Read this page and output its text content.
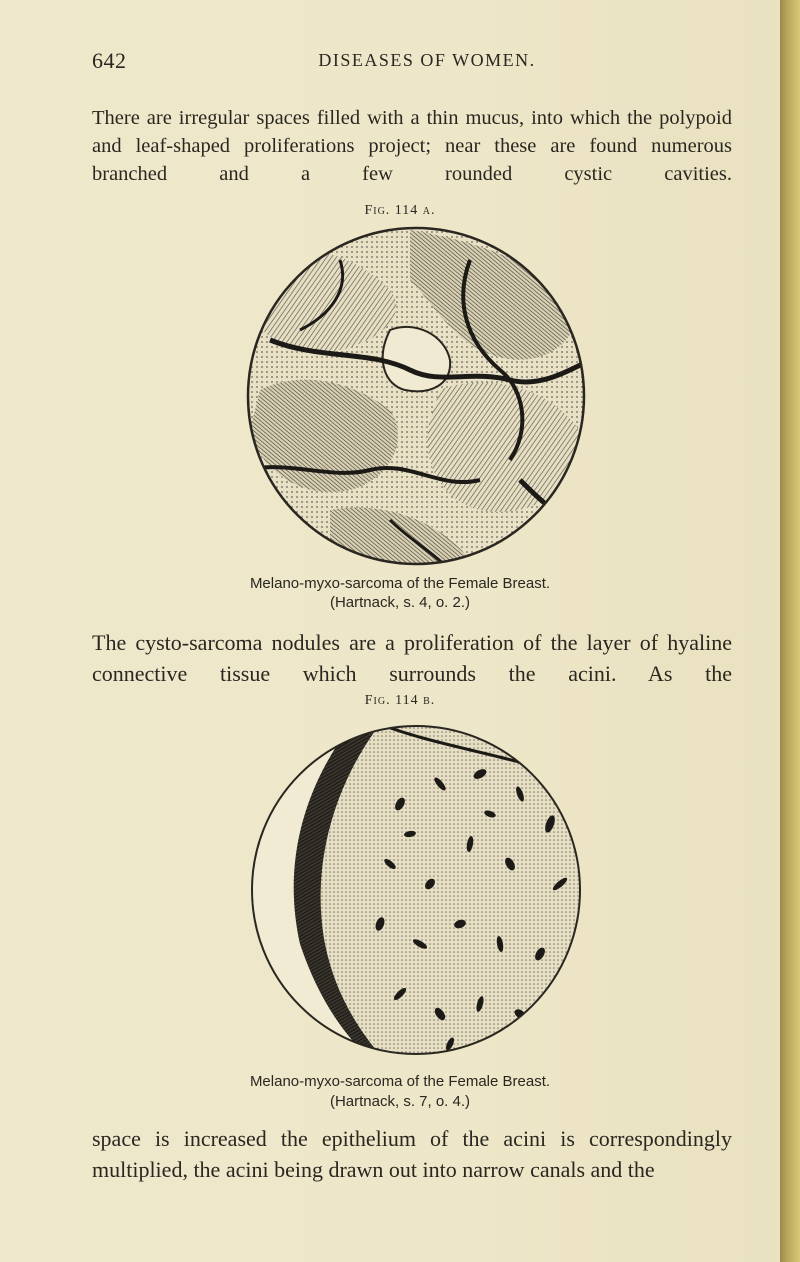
642	DISEASES OF WOMEN.

There are irregular spaces filled with a thin mucus, into which the polypoid and leaf-shaped proliferations project; near these are found numerous branched and a few rounded cystic cavities.

Fig. 114 a.
Melano-myxo-sarcoma of the Female Breast.
(Hartnack, s. 4, o. 2.)

The cysto-sarcoma nodules are a proliferation of the layer of hyaline connective tissue which surrounds the acini. As the

Fig. 114 b.
Melano-myxo-sarcoma of the Female Breast.
(Hartnack, s. 7, o. 4.)

space is increased the epithelium of the acini is correspondingly multiplied, the acini being drawn out into narrow canals and the
